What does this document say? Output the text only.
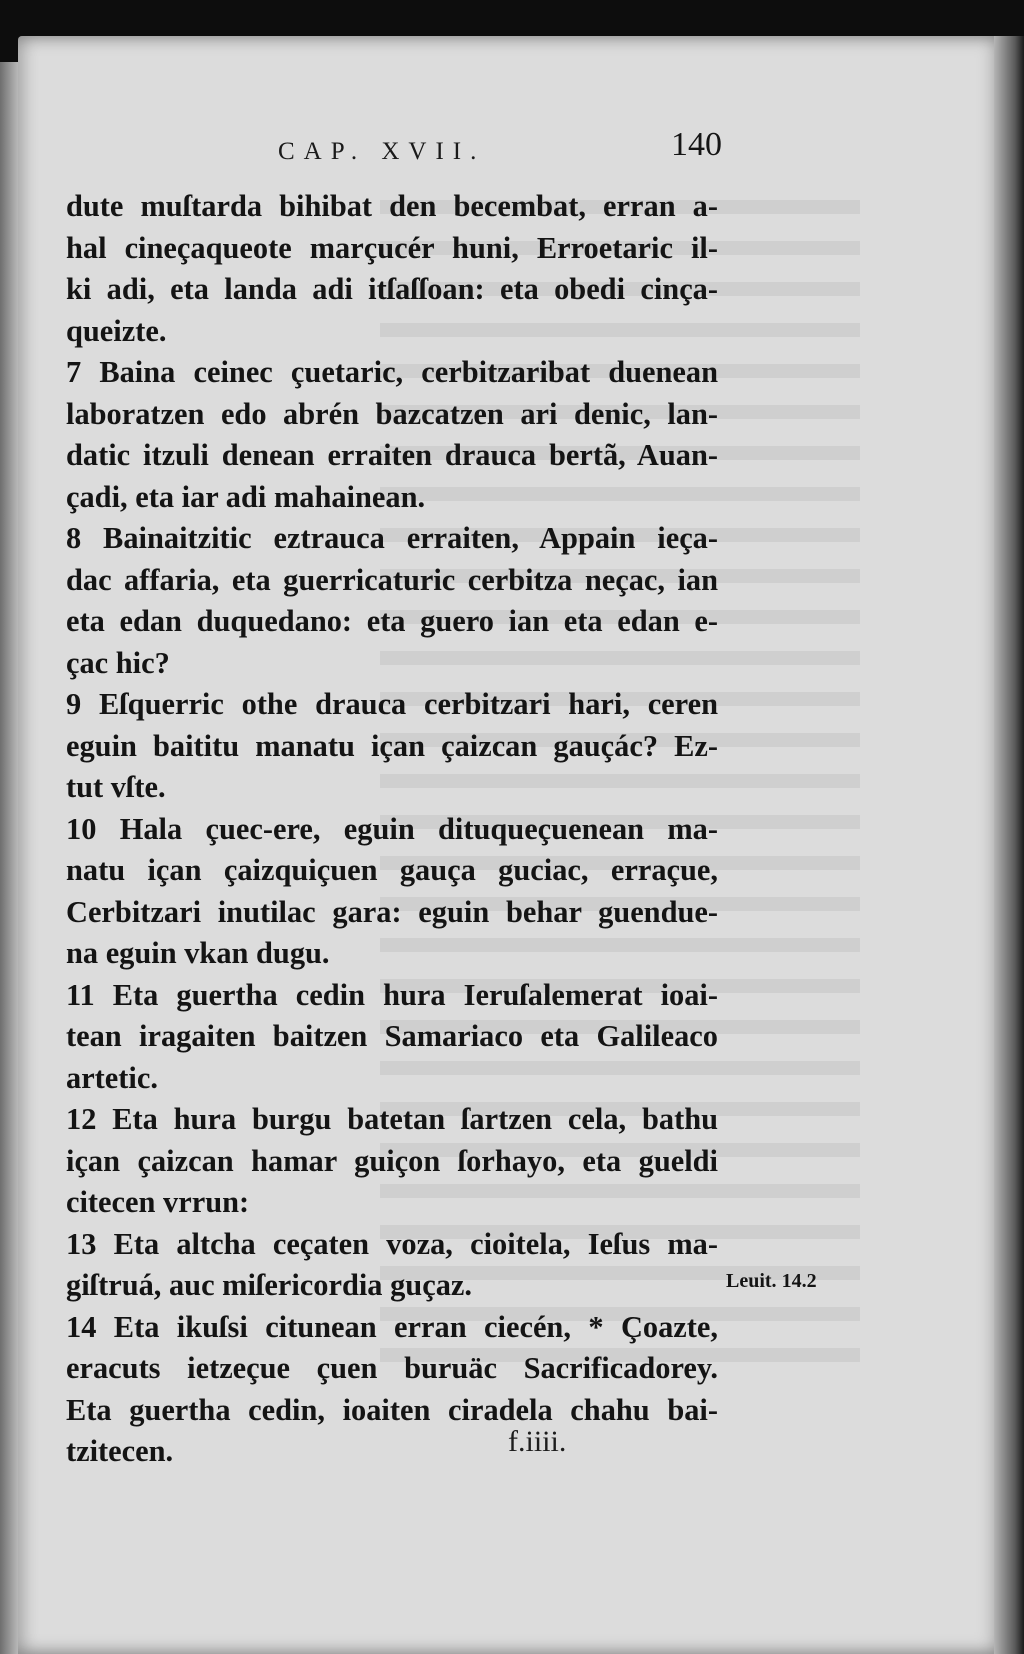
CAP. XVII.	140
dute muſtarda bihibat den becembat, erran a-
hal cineçaqueote marçucér huni, Erroetaric il-
ki adi, eta landa adi itſaſſoan: eta obedi cinça-
queizte.
7 Baina ceinec çuetaric, cerbitzaribat duenean
laboratzen edo abrén bazcatzen ari denic, lan-
datic itzuli denean erraiten drauca bertã, Auan-
çadi, eta iar adi mahainean.
8 Bainaitzitic eztrauca erraiten, Appain ieça-
dac affaria, eta guerricaturic cerbitza neçac, ian
eta edan duquedano: eta guero ian eta edan e-
çac hic?
9 Eſquerric othe drauca cerbitzari hari, ceren
eguin baititu manatu içan çaizcan gauçác? Ez-
tut vſte.
10 Hala çuec-ere, eguin dituqueçuenean ma-
natu içan çaizquiçuen gauça guciac, erraçue,
Cerbitzari inutilac gara: eguin behar guendue-
na eguin vkan dugu.
11 Eta guertha cedin hura Ieruſalemerat ioai-
tean iragaiten baitzen Samariaco eta Galileaco
artetic.
12 Eta hura burgu batetan ſartzen cela, bathu
içan çaizcan hamar guiçon ſorhayo, eta gueldi
citecen vrrun:
13 Eta altcha ceçaten voza, cioitela, Ieſus ma-
giſtruá, auc miſericordia guçaz.
14 Eta ikuſsi citunean erran ciecén, * Çoazte,
eracuts ietzeçue çuen buruäc Sacrificadorey.
Eta guertha cedin, ioaiten ciradela chahu bai-
tzitecen.
Leuit. 14.2
f.iiii.
